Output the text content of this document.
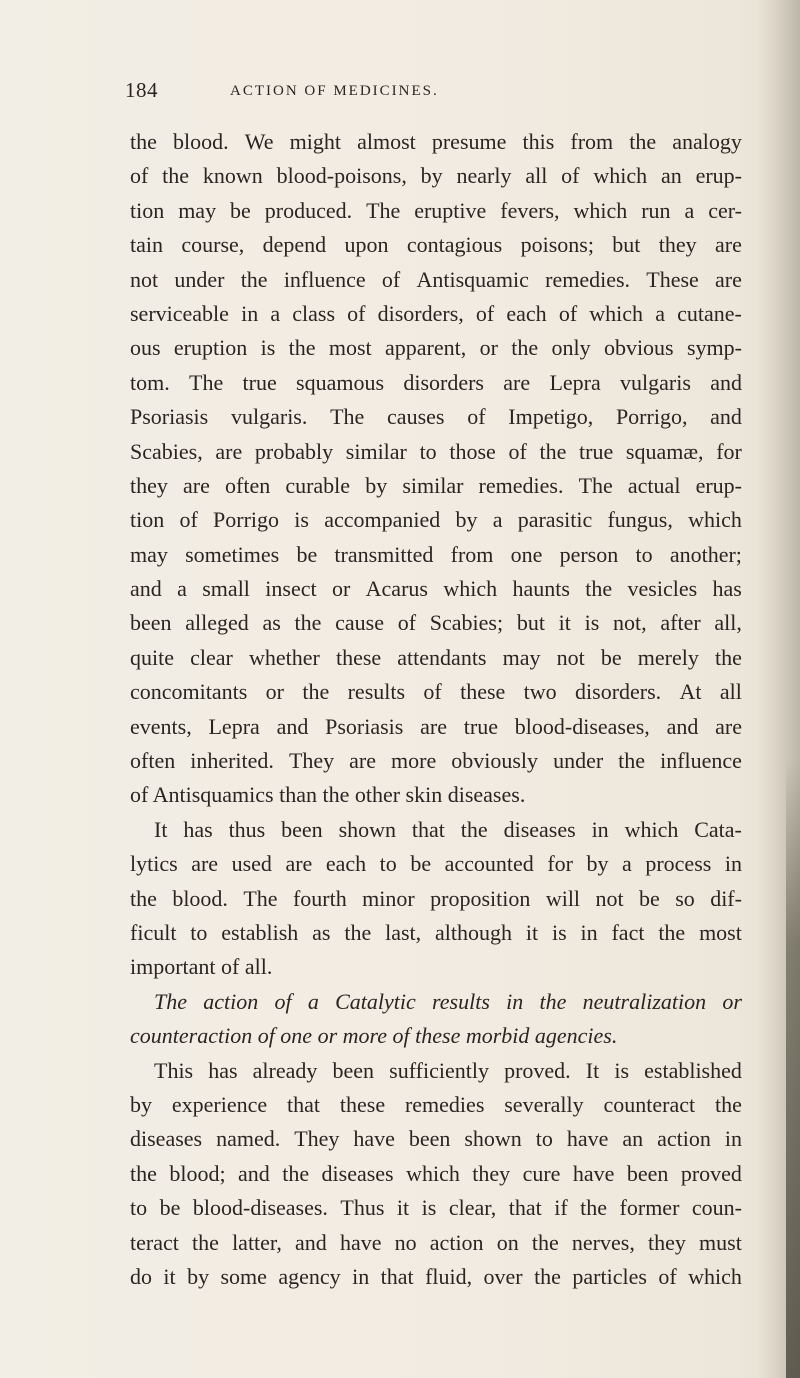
184	ACTION OF MEDICINES.
the blood. We might almost presume this from the analogy
of the known blood-poisons, by nearly all of which an erup-
tion may be produced. The eruptive fevers, which run a cer-
tain course, depend upon contagious poisons; but they are
not under the influence of Antisquamic remedies. These are
serviceable in a class of disorders, of each of which a cutane-
ous eruption is the most apparent, or the only obvious symp-
tom. The true squamous disorders are Lepra vulgaris and
Psoriasis vulgaris. The causes of Impetigo, Porrigo, and
Scabies, are probably similar to those of the true squamæ, for
they are often curable by similar remedies. The actual erup-
tion of Porrigo is accompanied by a parasitic fungus, which
may sometimes be transmitted from one person to another;
and a small insect or Acarus which haunts the vesicles has
been alleged as the cause of Scabies; but it is not, after all,
quite clear whether these attendants may not be merely the
concomitants or the results of these two disorders. At all
events, Lepra and Psoriasis are true blood-diseases, and are
often inherited. They are more obviously under the influence
of Antisquamics than the other skin diseases.
It has thus been shown that the diseases in which Cata-
lytics are used are each to be accounted for by a process in
the blood. The fourth minor proposition will not be so dif-
ficult to establish as the last, although it is in fact the most
important of all.
The action of a Catalytic results in the neutralization or
counteraction of one or more of these morbid agencies.
This has already been sufficiently proved. It is established
by experience that these remedies severally counteract the
diseases named. They have been shown to have an action in
the blood; and the diseases which they cure have been proved
to be blood-diseases. Thus it is clear, that if the former coun-
teract the latter, and have no action on the nerves, they must
do it by some agency in that fluid, over the particles of which
